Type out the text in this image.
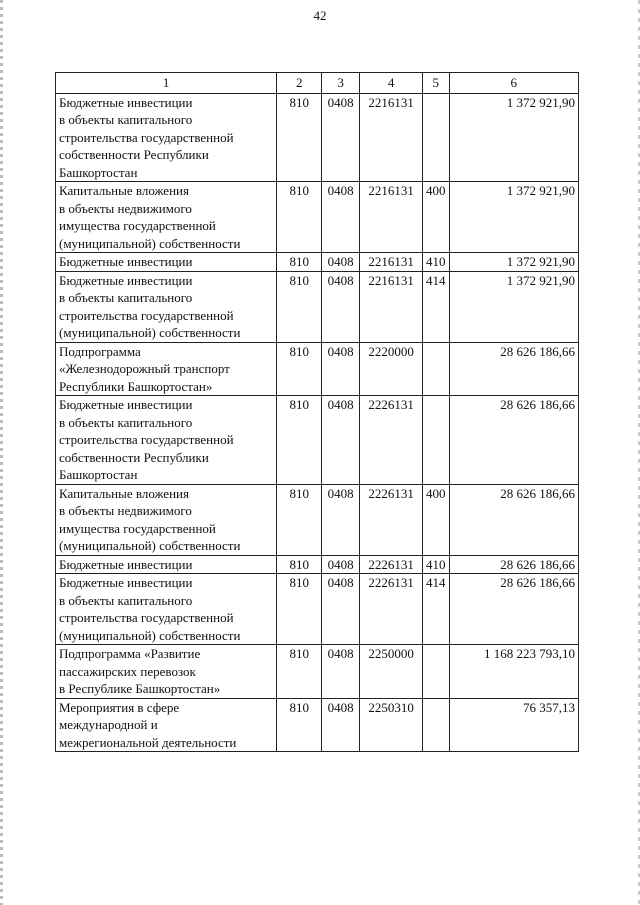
42
1	2	3	4	5	6
Бюджетные инвестиции
в объекты капитального
строительства государственной
собственности Республики
Башкортостан	810	0408	2216131		1 372 921,90
Капитальные вложения
в объекты недвижимого
имущества государственной
(муниципальной) собственности	810	0408	2216131	400	1 372 921,90
Бюджетные инвестиции	810	0408	2216131	410	1 372 921,90
Бюджетные инвестиции
в объекты капитального
строительства государственной
(муниципальной) собственности	810	0408	2216131	414	1 372 921,90
Подпрограмма
«Железнодорожный транспорт
Республики Башкортостан»	810	0408	2220000		28 626 186,66
Бюджетные инвестиции
в объекты капитального
строительства государственной
собственности Республики
Башкортостан	810	0408	2226131		28 626 186,66
Капитальные вложения
в объекты недвижимого
имущества государственной
(муниципальной) собственности	810	0408	2226131	400	28 626 186,66
Бюджетные инвестиции	810	0408	2226131	410	28 626 186,66
Бюджетные инвестиции
в объекты капитального
строительства государственной
(муниципальной) собственности	810	0408	2226131	414	28 626 186,66
Подпрограмма «Развитие
пассажирских перевозок
в Республике Башкортостан»	810	0408	2250000		1 168 223 793,10
Мероприятия в сфере
международной и
межрегиональной деятельности	810	0408	2250310		76 357,13
